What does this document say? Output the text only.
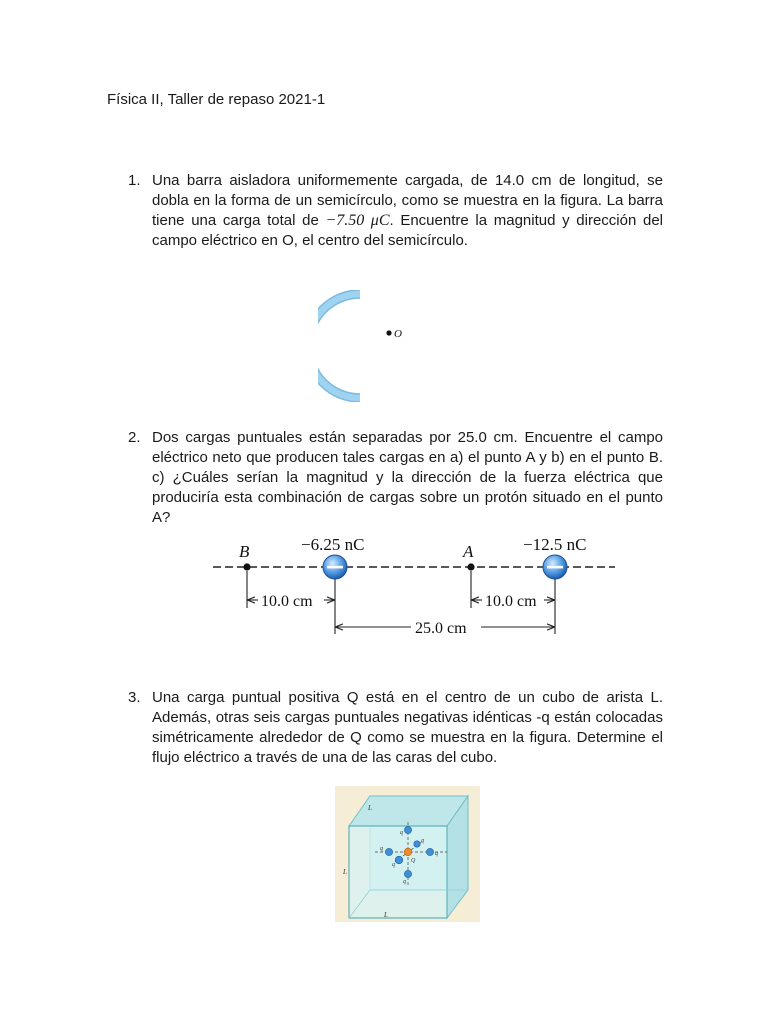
Física II, Taller de repaso 2021-1
1. Una barra aisladora uniformemente cargada, de 14.0 cm de longitud, se dobla en la forma de un semicírculo, como se muestra en la figura. La barra tiene una carga total de −7.50 μC. Encuentre la magnitud y dirección del campo eléctrico en O, el centro del semicírculo.
O
2. Dos cargas puntuales están separadas por 25.0 cm. Encuentre el campo eléctrico neto que producen tales cargas en a) el punto A y b) en el punto B. c) ¿Cuáles serían la magnitud y la dirección de la fuerza eléctrica que produciría esta combinación de cargas sobre un protón situado en el punto A?
B	−6.25 nC	A	−12.5 nC
10.0 cm	10.0 cm
25.0 cm
3. Una carga puntual positiva Q está en el centro de un cubo de arista L. Además, otras seis cargas puntuales negativas idénticas -q están colocadas simétricamente alrededor de Q como se muestra en la figura. Determine el flujo eléctrico a través de una de las caras del cubo.
L
L
L
Q
q
q
q
q
q
q
